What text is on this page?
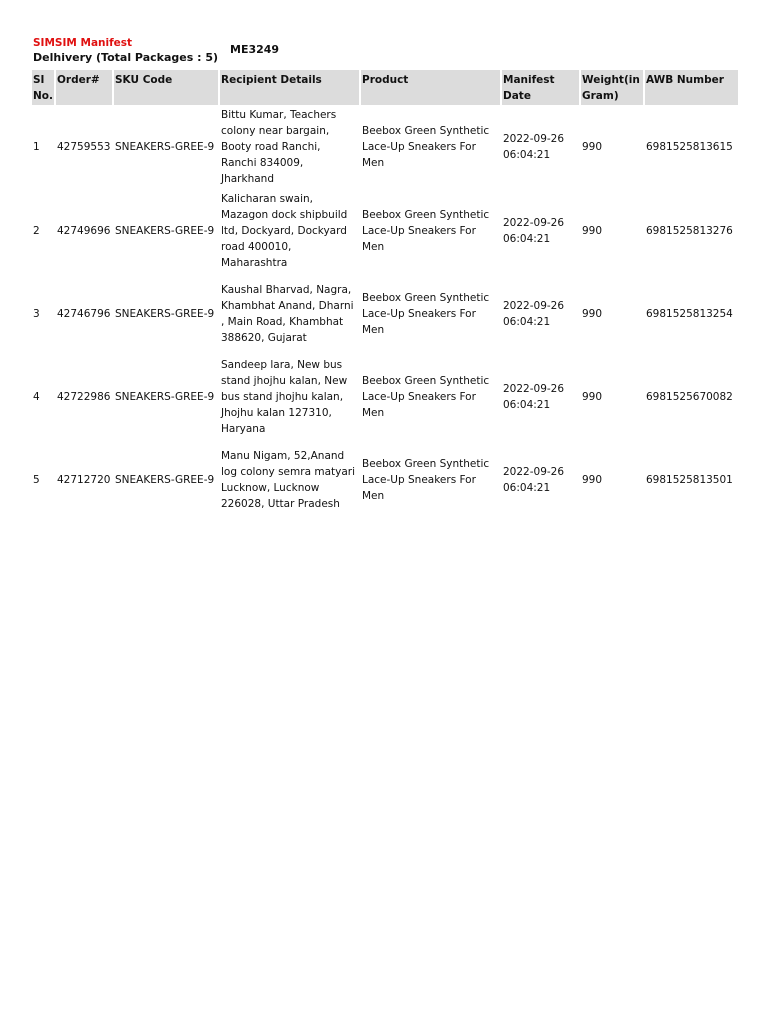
SIMSIM Manifest
Delhivery (Total Packages : 5)
ME3249
SI No.	Order#	SKU Code	Recipient Details	Product	Manifest Date	Weight(in Gram)	AWB Number
1	42759553	SNEAKERS-GREE-9	Bittu Kumar, Teachers colony near bargain, Booty road Ranchi, Ranchi 834009, Jharkhand	Beebox Green Synthetic Lace-Up Sneakers For Men	2022-09-26 06:04:21	990	6981525813615
2	42749696	SNEAKERS-GREE-9	Kalicharan swain, Mazagon dock shipbuild ltd, Dockyard, Dockyard road 400010, Maharashtra	Beebox Green Synthetic Lace-Up Sneakers For Men	2022-09-26 06:04:21	990	6981525813276
3	42746796	SNEAKERS-GREE-9	Kaushal Bharvad, Nagra, Khambhat Anand, Dharni , Main Road, Khambhat 388620, Gujarat	Beebox Green Synthetic Lace-Up Sneakers For Men	2022-09-26 06:04:21	990	6981525813254
4	42722986	SNEAKERS-GREE-9	Sandeep lara, New bus stand jhojhu kalan, New bus stand jhojhu kalan, Jhojhu kalan 127310, Haryana	Beebox Green Synthetic Lace-Up Sneakers For Men	2022-09-26 06:04:21	990	6981525670082
5	42712720	SNEAKERS-GREE-9	Manu Nigam, 52,Anand log colony semra matyari Lucknow, Lucknow 226028, Uttar Pradesh	Beebox Green Synthetic Lace-Up Sneakers For Men	2022-09-26 06:04:21	990	6981525813501
